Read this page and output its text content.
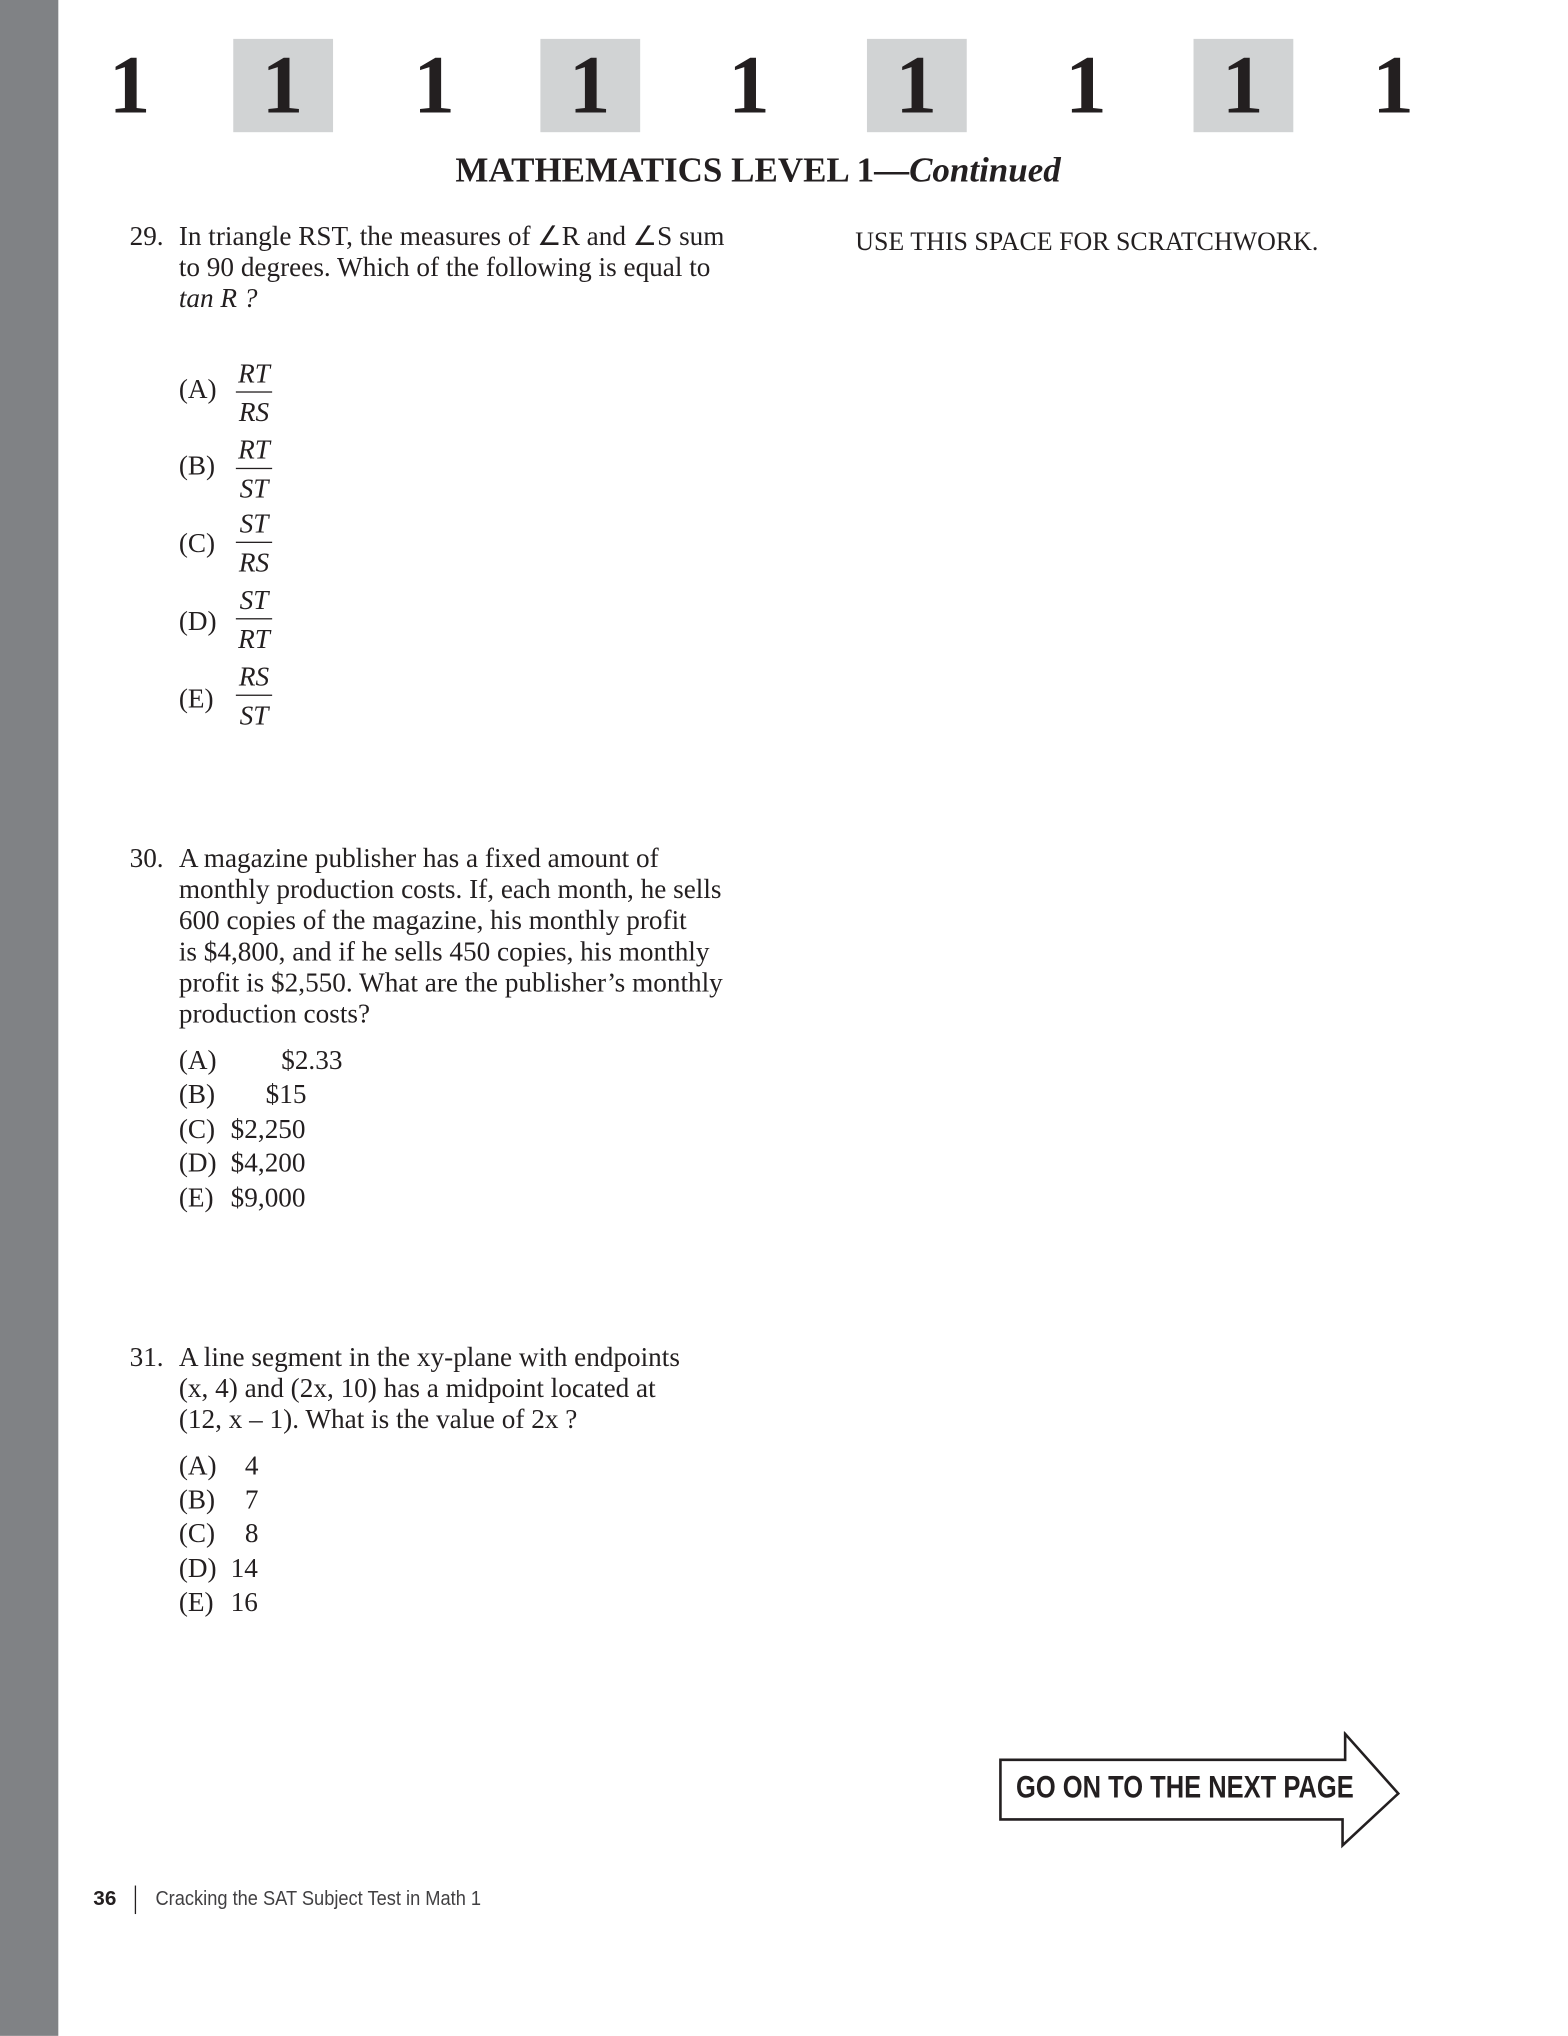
1 1 1 1 1 1 1 1 1
MATHEMATICS LEVEL 1—Continued
USE THIS SPACE FOR SCRATCHWORK.
29. In triangle RST, the measures of ∠R and ∠S sum
to 90 degrees. Which of the following is equal to
tan R ?
$(A) \frac{RT}{RS}$
$(B) \frac{RT}{ST}$
$(C) \frac{ST}{RS}$
$(D) \frac{ST}{RT}$
$(E) \frac{RS}{ST}$
30. A magazine publisher has a fixed amount of
monthly production costs. If, each month, he sells
600 copies of the magazine, his monthly profit
is $4,800, and if he sells 450 copies, his monthly
profit is $2,550. What are the publisher’s monthly
production costs?
(A)	$2.33
(B) $15
(C) $2,250
(D) $4,200
(E) $9,000
31. A line segment in the xy-plane with endpoints
(x, 4) and (2x, 10) has a midpoint located at
(12, x – 1). What is the value of 2x ?
(A) 4
(B) 7
(C) 8
(D) 14
(E) 16
GO ON TO THE NEXT PAGE
36 Cracking the SAT Subject Test in Math 1
